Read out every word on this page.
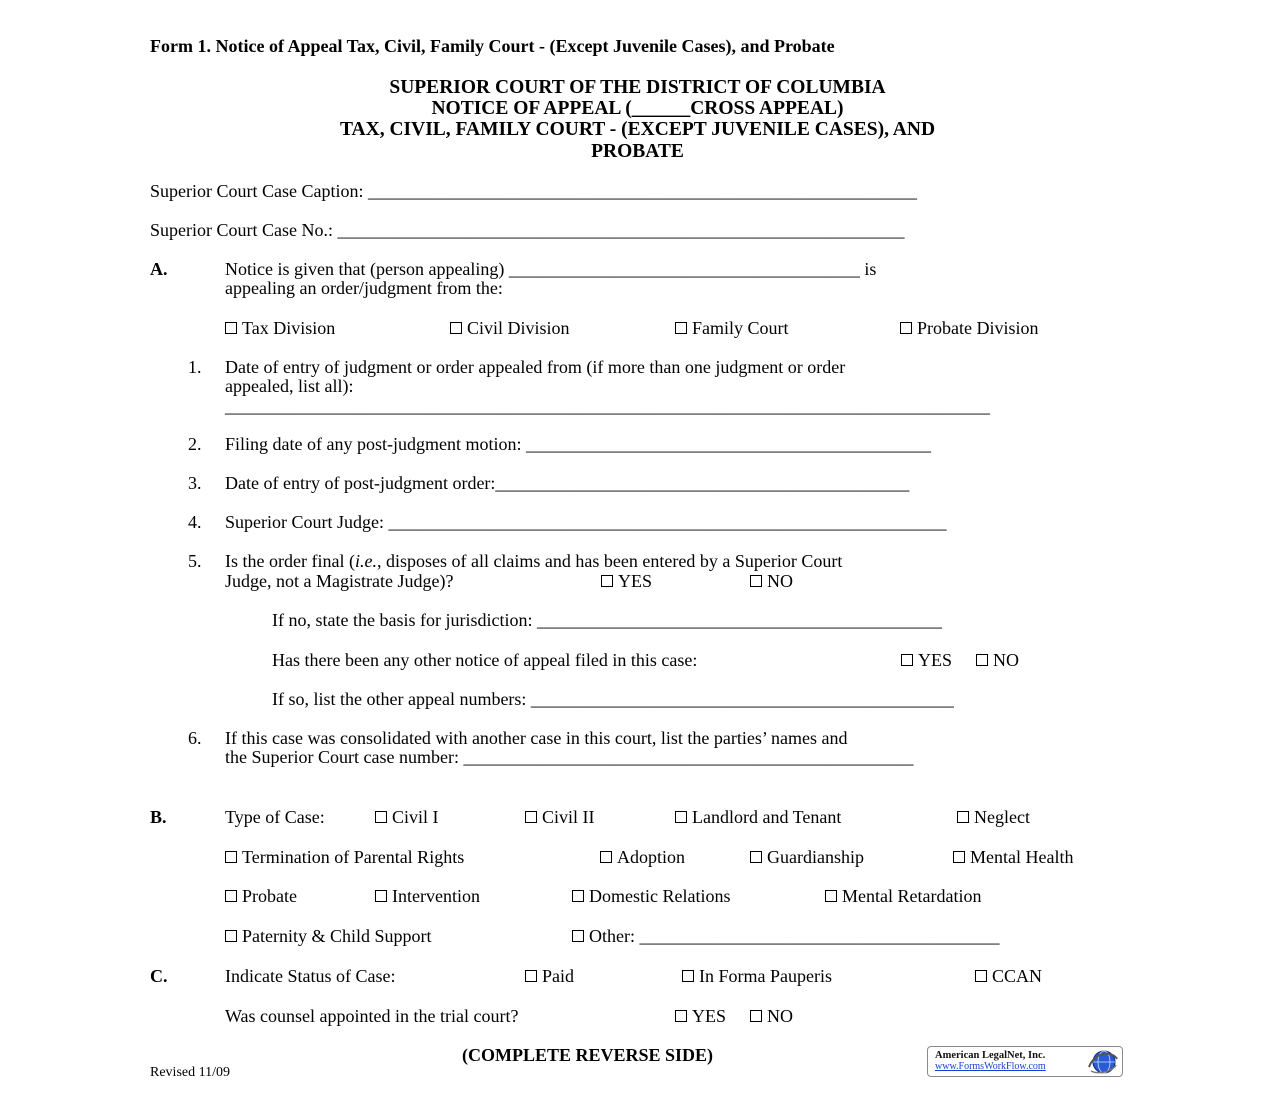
Form 1. Notice of Appeal Tax, Civil, Family Court - (Except Juvenile Cases), and Probate
SUPERIOR COURT OF THE DISTRICT OF COLUMBIA
NOTICE OF APPEAL (______CROSS APPEAL)
TAX, CIVIL, FAMILY COURT - (EXCEPT JUVENILE CASES), AND
PROBATE
Superior Court Case Caption: _____________________________________________________________
Superior Court Case No.: _______________________________________________________________
A.	Notice is given that (person appealing) _______________________________________ is
appealing an order/judgment from the:
Tax Division	Civil Division	Family Court	Probate Division
1. Date of entry of judgment or order appealed from (if more than one judgment or order
appealed, list all):
_____________________________________________________________________________________
2. Filing date of any post-judgment motion: _____________________________________________
3. Date of entry of post-judgment order:______________________________________________
4. Superior Court Judge: ______________________________________________________________
5. Is the order final (i.e., disposes of all claims and has been entered by a Superior Court
Judge, not a Magistrate Judge)?	YES	NO
If no, state the basis for jurisdiction: _____________________________________________
Has there been any other notice of appeal filed in this case:	YES	NO
If so, list the other appeal numbers: _______________________________________________
6. If this case was consolidated with another case in this court, list the parties’ names and
the Superior Court case number: __________________________________________________
B.	Type of Case:	Civil I	Civil II	Landlord and Tenant	Neglect
Termination of Parental Rights	Adoption	Guardianship	Mental Health
Probate	Intervention	Domestic Relations	Mental Retardation
Paternity & Child Support	Other: ________________________________________
C.	Indicate Status of Case:	Paid	In Forma Pauperis	CCAN
Was counsel appointed in the trial court?	YES	NO
(COMPLETE REVERSE SIDE)
Revised 11/09
American LegalNet, Inc.
www.FormsWorkFlow.com
